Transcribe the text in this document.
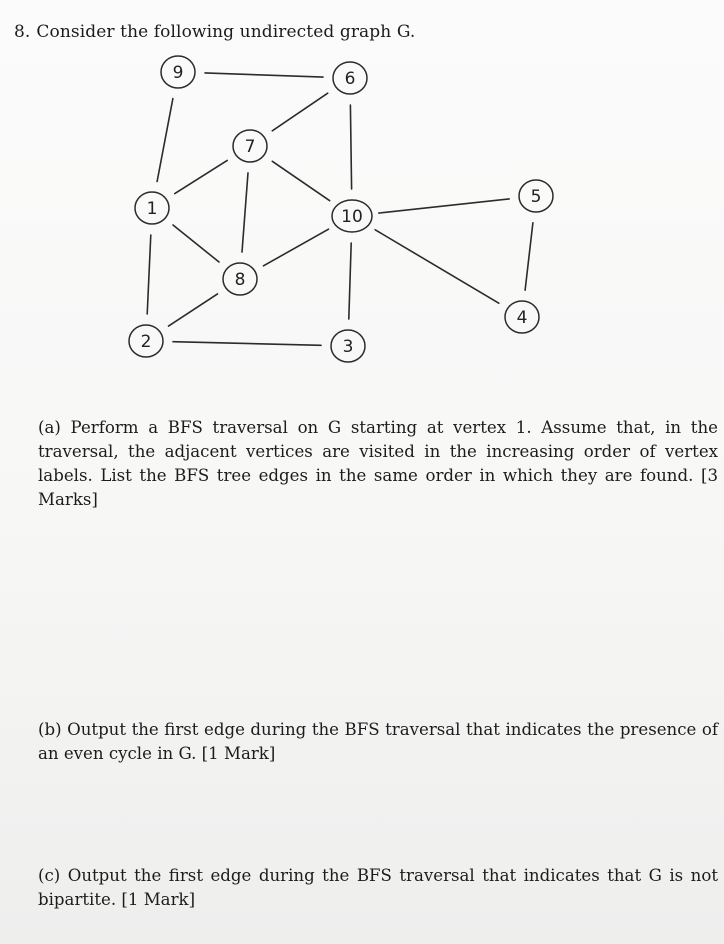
8. Consider the following undirected graph G.
9	6
7
1	10
5
8
4
2	3
(a) Perform a BFS traversal on G starting at vertex 1. Assume that, in the traversal, the adjacent vertices are visited in the increasing order of vertex labels. List the BFS tree edges in the same order in which they are found. [3 Marks]
(b) Output the first edge during the BFS traversal that indicates the presence of an even cycle in G. [1 Mark]
(c) Output the first edge during the BFS traversal that indicates that G is not bipartite. [1 Mark]
